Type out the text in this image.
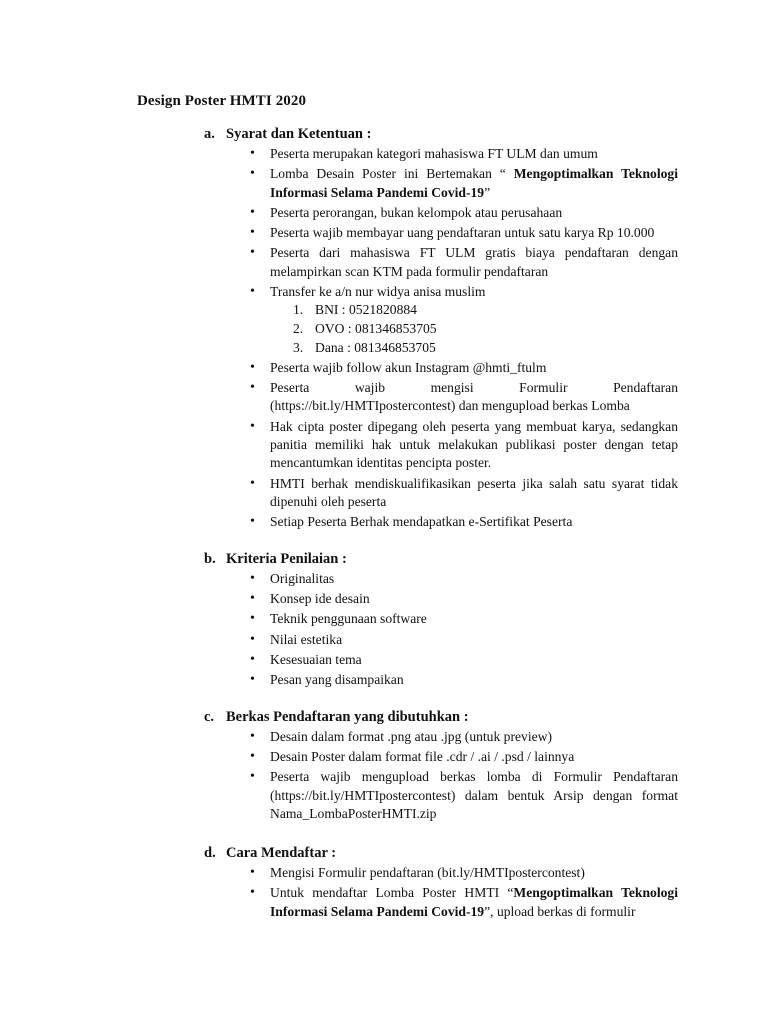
Design Poster HMTI 2020
a. Syarat dan Ketentuan :
• Peserta merupakan kategori mahasiswa FT ULM dan umum
• Lomba Desain Poster ini Bertemakan “ Mengoptimalkan Teknologi Informasi Selama Pandemi Covid-19”
• Peserta perorangan, bukan kelompok atau perusahaan
• Peserta wajib membayar uang pendaftaran untuk satu karya Rp 10.000
• Peserta dari mahasiswa FT ULM gratis biaya pendaftaran dengan melampirkan scan KTM pada formulir pendaftaran
• Transfer ke a/n nur widya anisa muslim
1. BNI : 0521820884
2. OVO : 081346853705
3. Dana : 081346853705
• Peserta wajib follow akun Instagram @hmti_ftulm
• Peserta wajib mengisi Formulir Pendaftaran (https://bit.ly/HMTIpostercontest) dan mengupload berkas Lomba
• Hak cipta poster dipegang oleh peserta yang membuat karya, sedangkan panitia memiliki hak untuk melakukan publikasi poster dengan tetap mencantumkan identitas pencipta poster.
• HMTI berhak mendiskualifikasikan peserta jika salah satu syarat tidak dipenuhi oleh peserta
• Setiap Peserta Berhak mendapatkan e-Sertifikat Peserta
b. Kriteria Penilaian :
• Originalitas
• Konsep ide desain
• Teknik penggunaan software
• Nilai estetika
• Kesesuaian tema
• Pesan yang disampaikan
c. Berkas Pendaftaran yang dibutuhkan :
• Desain dalam format .png atau .jpg (untuk preview)
• Desain Poster dalam format file .cdr / .ai / .psd / lainnya
• Peserta wajib mengupload berkas lomba di Formulir Pendaftaran (https://bit.ly/HMTIpostercontest) dalam bentuk Arsip dengan format Nama_LombaPosterHMTI.zip
d. Cara Mendaftar :
• Mengisi Formulir pendaftaran (bit.ly/HMTIpostercontest)
• Untuk mendaftar Lomba Poster HMTI “Mengoptimalkan Teknologi Informasi Selama Pandemi Covid-19”, upload berkas di formulir
